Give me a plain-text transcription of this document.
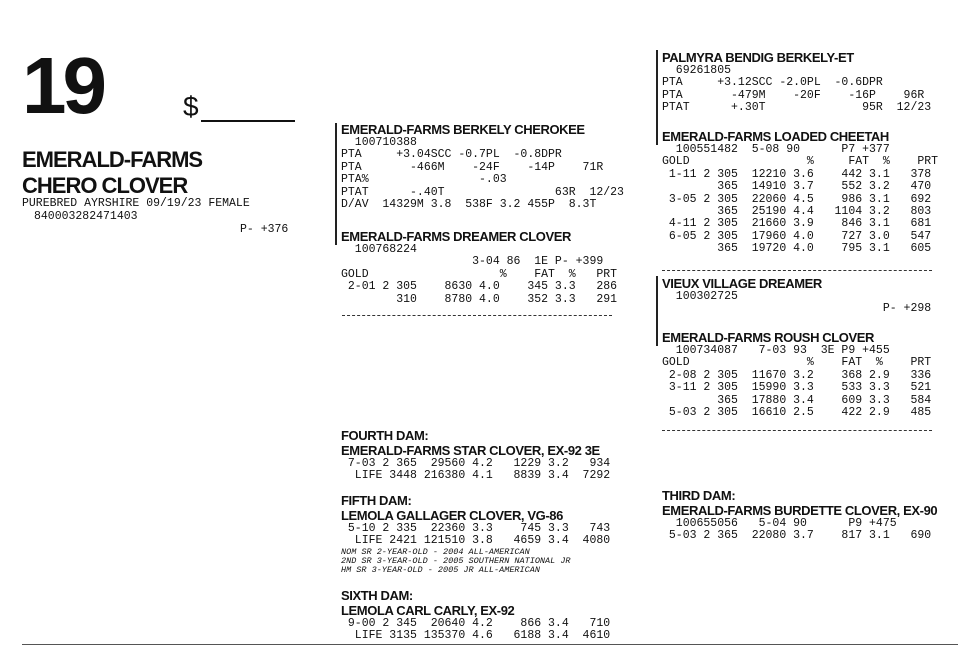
19	$
EMERALD-FARMS
CHERO CLOVER
PUREBRED AYRSHIRE 09/19/23 FEMALE
840003282471403
P- +376
EMERALD-FARMS BERKELY CHEROKEE
100710388
PTA     +3.04SCC -0.7PL  -0.8DPR
PTA       -466M    -24F    -14P    71R
PTA%                -.03
PTAT      -.40T                63R  12/23
D/AV  14329M 3.8  538F 3.2 455P  8.3T
EMERALD-FARMS DREAMER CLOVER
100768224
3-04 86  1E P- +399
GOLD                   %    FAT  %   PRT
2-01 2 305    8630 4.0    345 3.3   286
310    8780 4.0    352 3.3   291
FOURTH DAM:
EMERALD-FARMS STAR CLOVER, EX-92 3E
7-03 2 365  29560 4.2   1229 3.2   934
LIFE 3448 216380 4.1   8839 3.4  7292
FIFTH DAM:
LEMOLA GALLAGER CLOVER, VG-86
5-10 2 335  22360 3.3    745 3.3   743
LIFE 2421 121510 3.8   4659 3.4  4080
NOM SR 2-YEAR-OLD - 2004 ALL-AMERICAN
2ND SR 3-YEAR-OLD - 2005 SOUTHERN NATIONAL JR
HM SR 3-YEAR-OLD - 2005 JR ALL-AMERICAN
SIXTH DAM:
LEMOLA CARL CARLY, EX-92
9-00 2 345  20640 4.2    866 3.4   710
LIFE 3135 135370 4.6   6188 3.4  4610
PALMYRA BENDIG BERKELY-ET
69261805
PTA     +3.12SCC -2.0PL  -0.6DPR
PTA       -479M    -20F    -16P    96R
PTAT      +.30T              95R  12/23
EMERALD-FARMS LOADED CHEETAH
100551482  5-08 90      P7 +377
GOLD                 %     FAT  %    PRT
1-11 2 305  12210 3.6    442 3.1   378
365  14910 3.7    552 3.2   470
3-05 2 305  22060 4.5    986 3.1   692
365  25190 4.4   1104 3.2   803
4-11 2 305  21660 3.9    846 3.1   681
6-05 2 305  17960 4.0    727 3.0   547
365  19720 4.0    795 3.1   605
VIEUX VILLAGE DREAMER
100302725
P- +298
EMERALD-FARMS ROUSH CLOVER
100734087   7-03 93  3E P9 +455
GOLD                 %    FAT  %    PRT
2-08 2 305  11670 3.2    368 2.9   336
3-11 2 305  15990 3.3    533 3.3   521
365  17880 3.4    609 3.3   584
5-03 2 305  16610 2.5    422 2.9   485
THIRD DAM:
EMERALD-FARMS BURDETTE CLOVER, EX-90
100655056   5-04 90      P9 +475
5-03 2 365  22080 3.7    817 3.1   690
